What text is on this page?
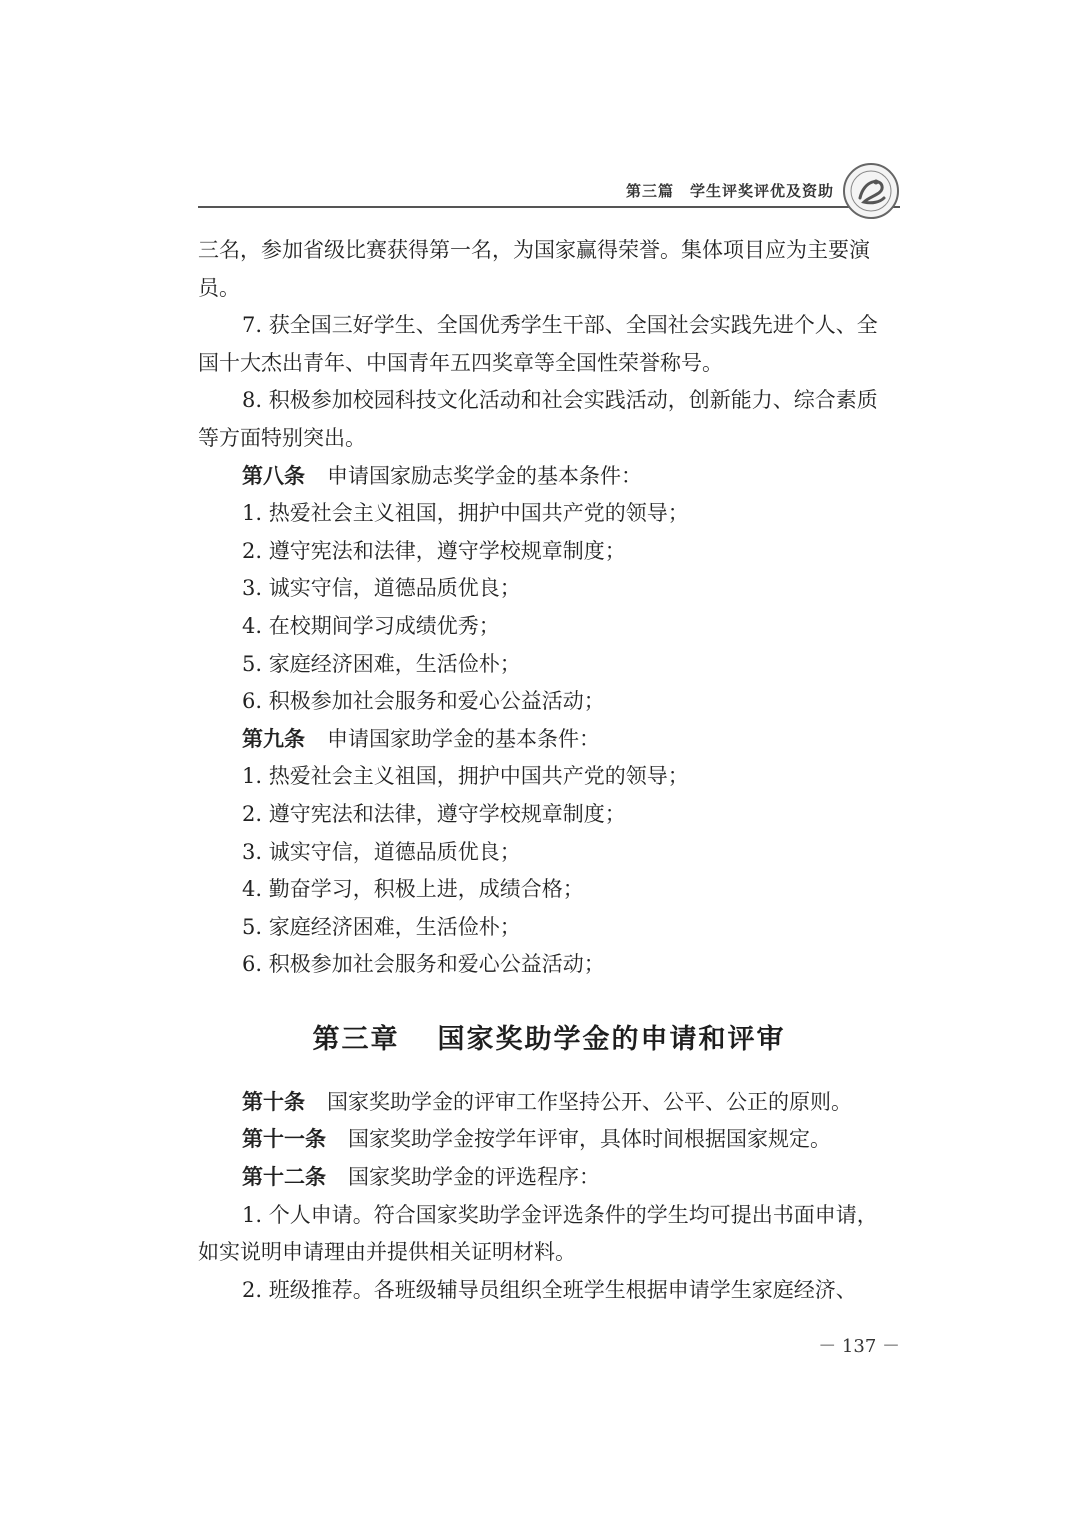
第三篇　学生评奖评优及资助
三名，参加省级比赛获得第一名，为国家赢得荣誉。集体项目应为主要演
员。
7. 获全国三好学生、全国优秀学生干部、全国社会实践先进个人、全
国十大杰出青年、中国青年五四奖章等全国性荣誉称号。
8. 积极参加校园科技文化活动和社会实践活动，创新能力、综合素质
等方面特别突出。
第八条 申请国家励志奖学金的基本条件：
1. 热爱社会主义祖国，拥护中国共产党的领导；
2. 遵守宪法和法律，遵守学校规章制度；
3. 诚实守信，道德品质优良；
4. 在校期间学习成绩优秀；
5. 家庭经济困难，生活俭朴；
6. 积极参加社会服务和爱心公益活动；
第九条 申请国家助学金的基本条件：
1. 热爱社会主义祖国，拥护中国共产党的领导；
2. 遵守宪法和法律，遵守学校规章制度；
3. 诚实守信，道德品质优良；
4. 勤奋学习，积极上进，成绩合格；
5. 家庭经济困难，生活俭朴；
6. 积极参加社会服务和爱心公益活动；
第三章 国家奖助学金的申请和评审
第十条 国家奖助学金的评审工作坚持公开、公平、公正的原则。
第十一条 国家奖助学金按学年评审，具体时间根据国家规定。
第十二条 国家奖助学金的评选程序：
1. 个人申请。符合国家奖助学金评选条件的学生均可提出书面申请，
如实说明申请理由并提供相关证明材料。
2. 班级推荐。各班级辅导员组织全班学生根据申请学生家庭经济、
－ 137 －
